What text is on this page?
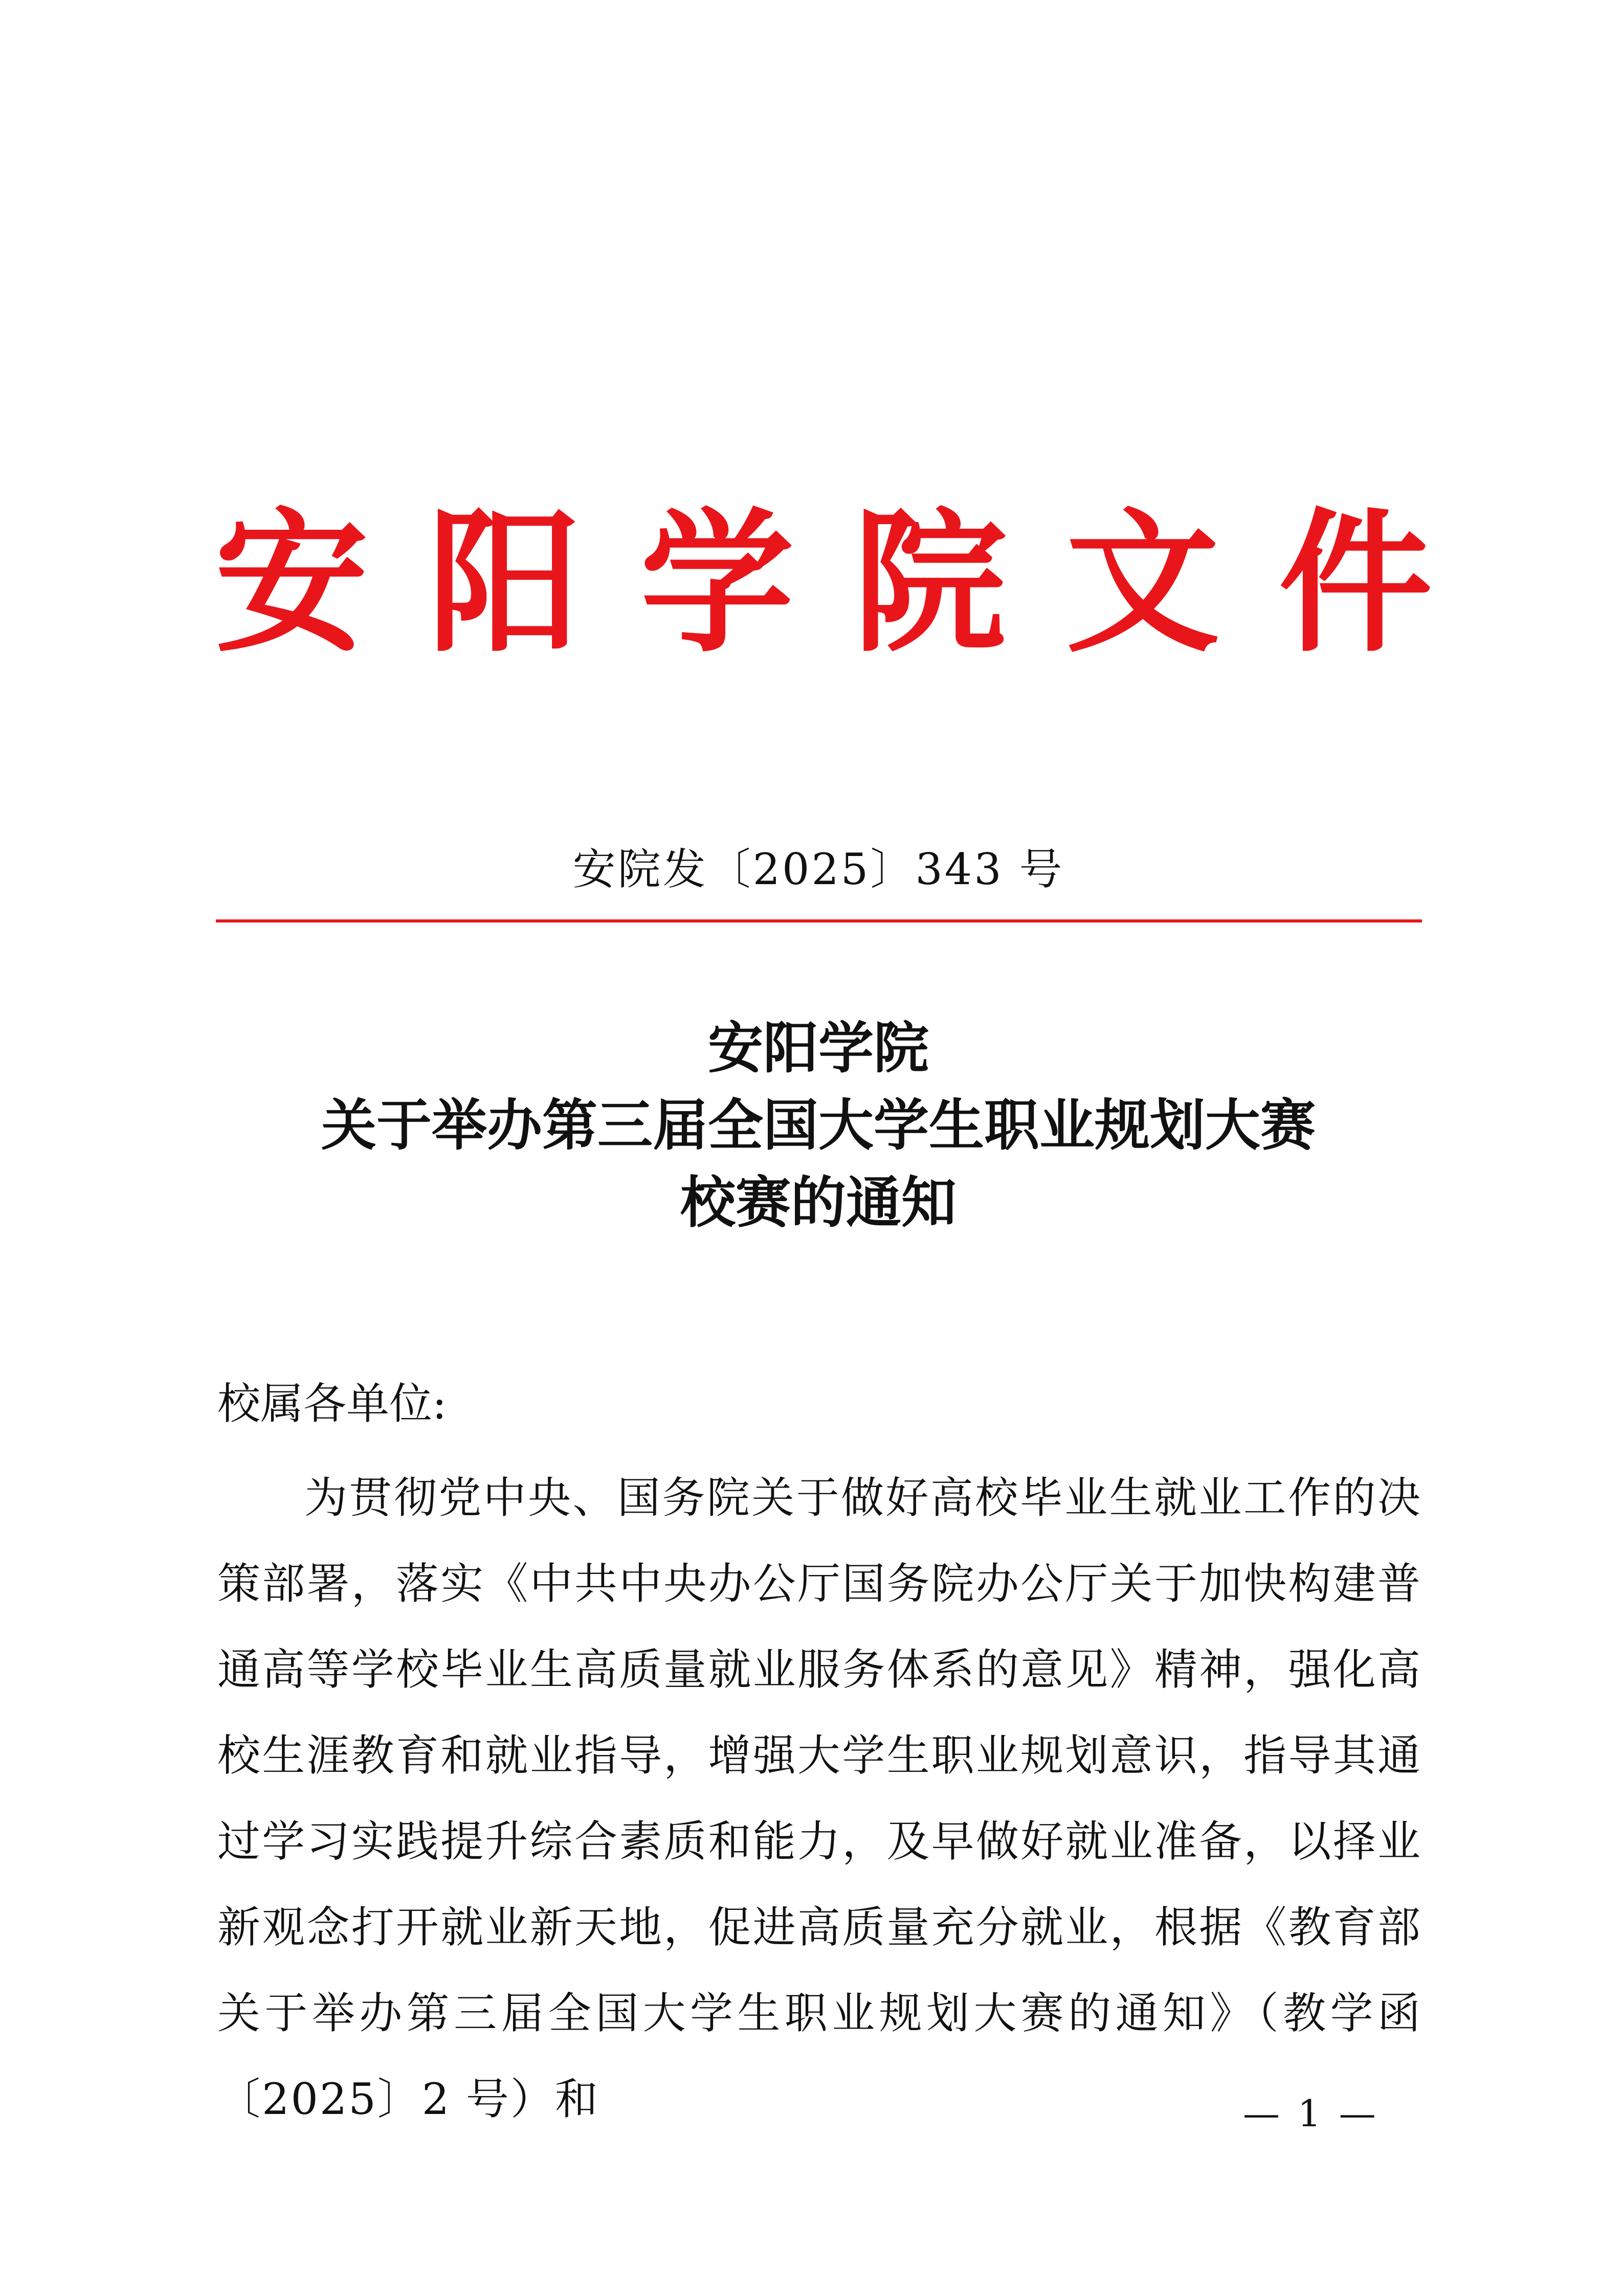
安 阳 学 院 文 件
安院发〔2025〕343 号
安阳学院
关于举办第三届全国大学生职业规划大赛
校赛的通知
校属各单位:

为贯彻党中央、国务院关于做好高校毕业生就业工作的决策部署，落实《中共中央办公厅国务院办公厅关于加快构建普通高等学校毕业生高质量就业服务体系的意见》精神，强化高校生涯教育和就业指导，增强大学生职业规划意识，指导其通过学习实践提升综合素质和能力，及早做好就业准备，以择业新观念打开就业新天地，促进高质量充分就业，根据《教育部关于举办第三届全国大学生职业规划大赛的通知》（教学函〔2025〕2 号）和	— 1 —
